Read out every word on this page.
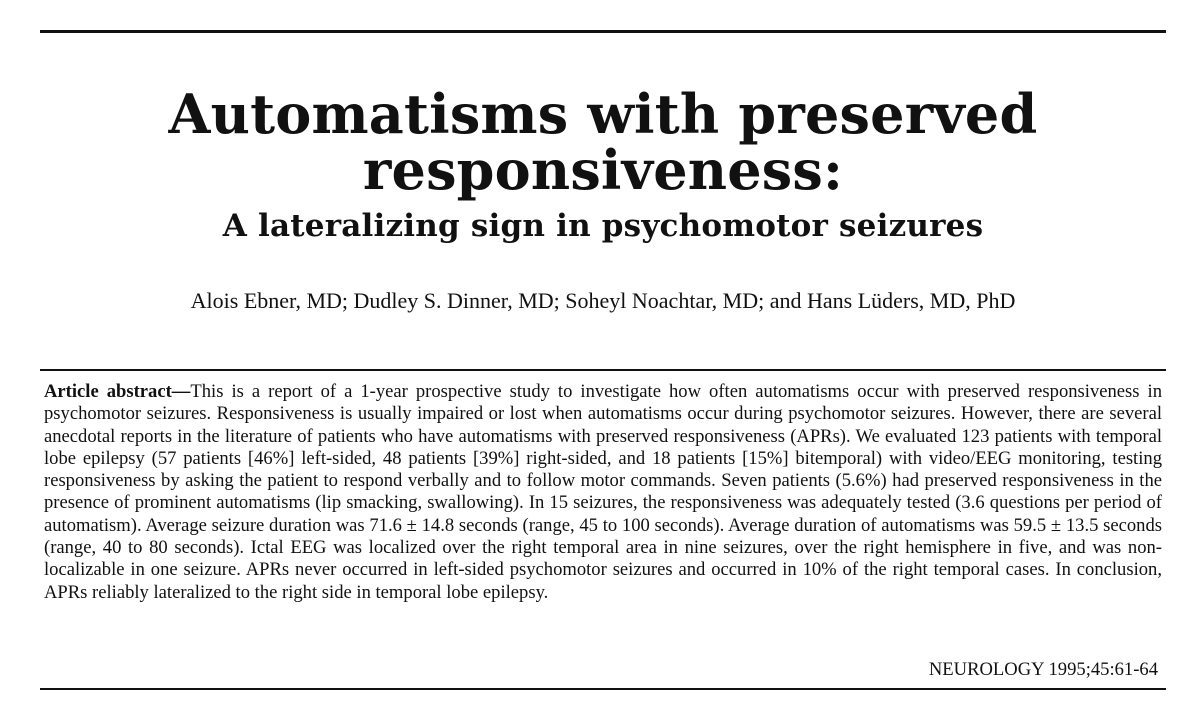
Automatisms with preserved
responsiveness:
A lateralizing sign in psychomotor seizures
Alois Ebner, MD; Dudley S. Dinner, MD; Soheyl Noachtar, MD; and Hans Lüders, MD, PhD
Article abstract—This is a report of a 1-year prospective study to investigate how often automatisms occur with preserved responsiveness in psychomotor seizures. Responsiveness is usually impaired or lost when automatisms occur during psychomotor seizures. However, there are several anecdotal reports in the literature of patients who have automatisms with preserved responsiveness (APRs). We evaluated 123 patients with temporal lobe epilepsy (57 patients [46%] left-sided, 48 patients [39%] right-sided, and 18 patients [15%] bitemporal) with video/EEG monitoring, testing responsiveness by asking the patient to respond verbally and to follow motor commands. Seven patients (5.6%) had preserved responsiveness in the presence of prominent automatisms (lip smacking, swallowing). In 15 seizures, the responsiveness was adequately tested (3.6 questions per period of automatism). Average seizure duration was 71.6 ± 14.8 seconds (range, 45 to 100 seconds). Average duration of automatisms was 59.5 ± 13.5 seconds (range, 40 to 80 seconds). Ictal EEG was localized over the right temporal area in nine seizures, over the right hemisphere in five, and was nonlocalizable in one seizure. APRs never occurred in left-sided psychomotor seizures and occurred in 10% of the right temporal cases. In conclusion, APRs reliably lateralized to the right side in temporal lobe epilepsy.
NEUROLOGY 1995;45:61-64
